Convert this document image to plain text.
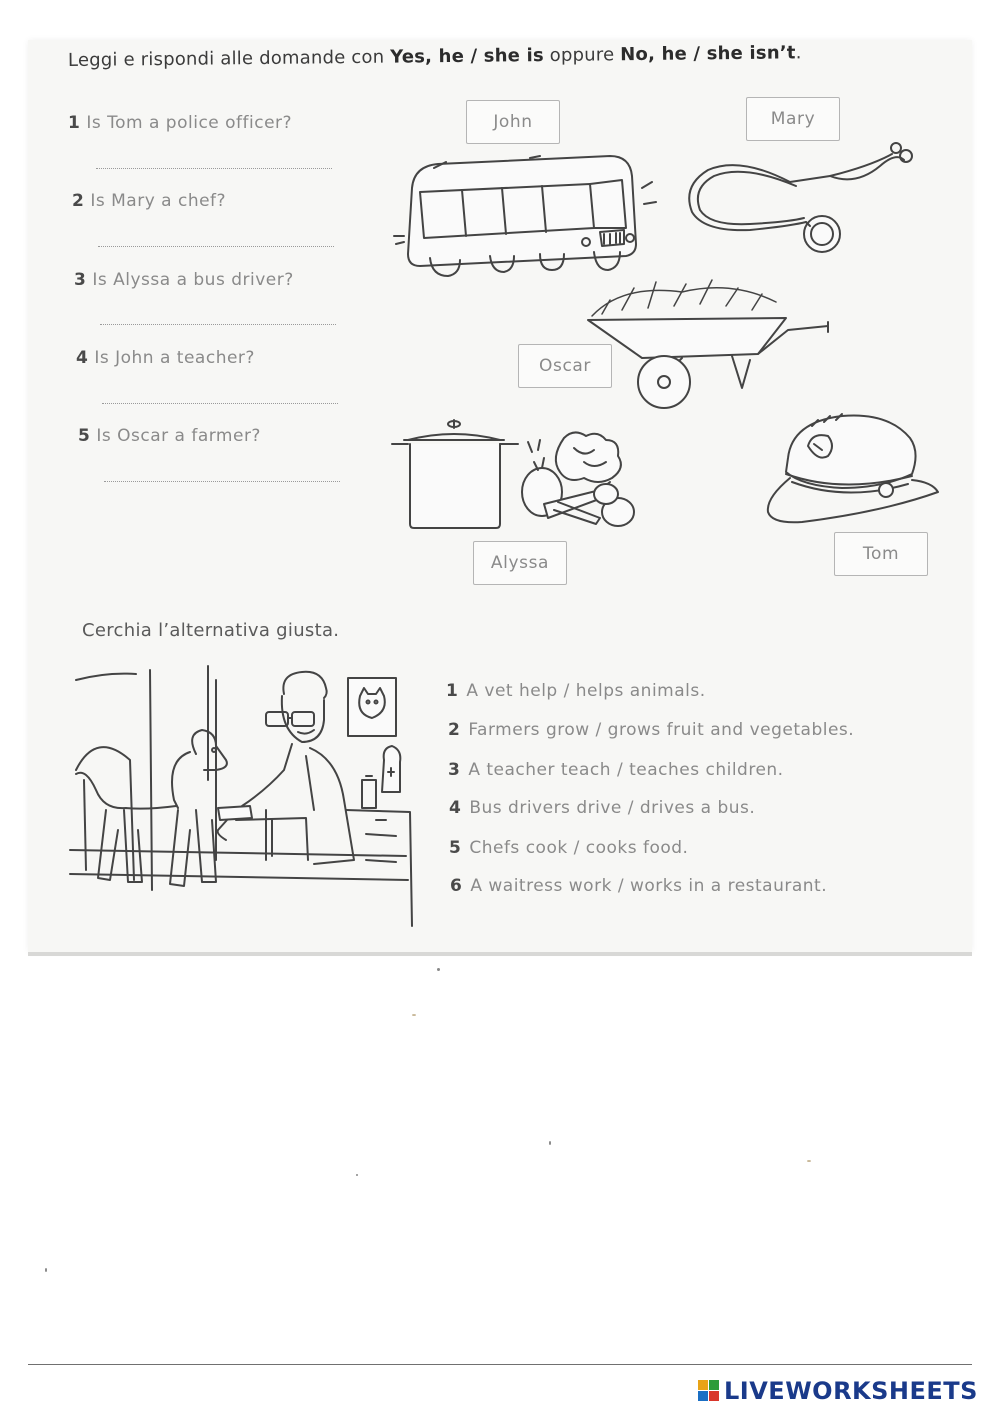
Leggi e rispondi alle domande con Yes, he / she is oppure No, he / she isn’t.
1 Is Tom a police officer?
2 Is Mary a chef?
3 Is Alyssa a bus driver?
4 Is John a teacher?
5 Is Oscar a farmer?
John	Mary
Oscar
Alyssa	Tom
Cerchia l’alternativa giusta.
1 A vet help / helps animals.
2 Farmers grow / grows fruit and vegetables.
3 A teacher teach / teaches children.
4 Bus drivers drive / drives a bus.
5 Chefs cook / cooks food.
6 A waitress work / works in a restaurant.
LIVEWORKSHEETS
